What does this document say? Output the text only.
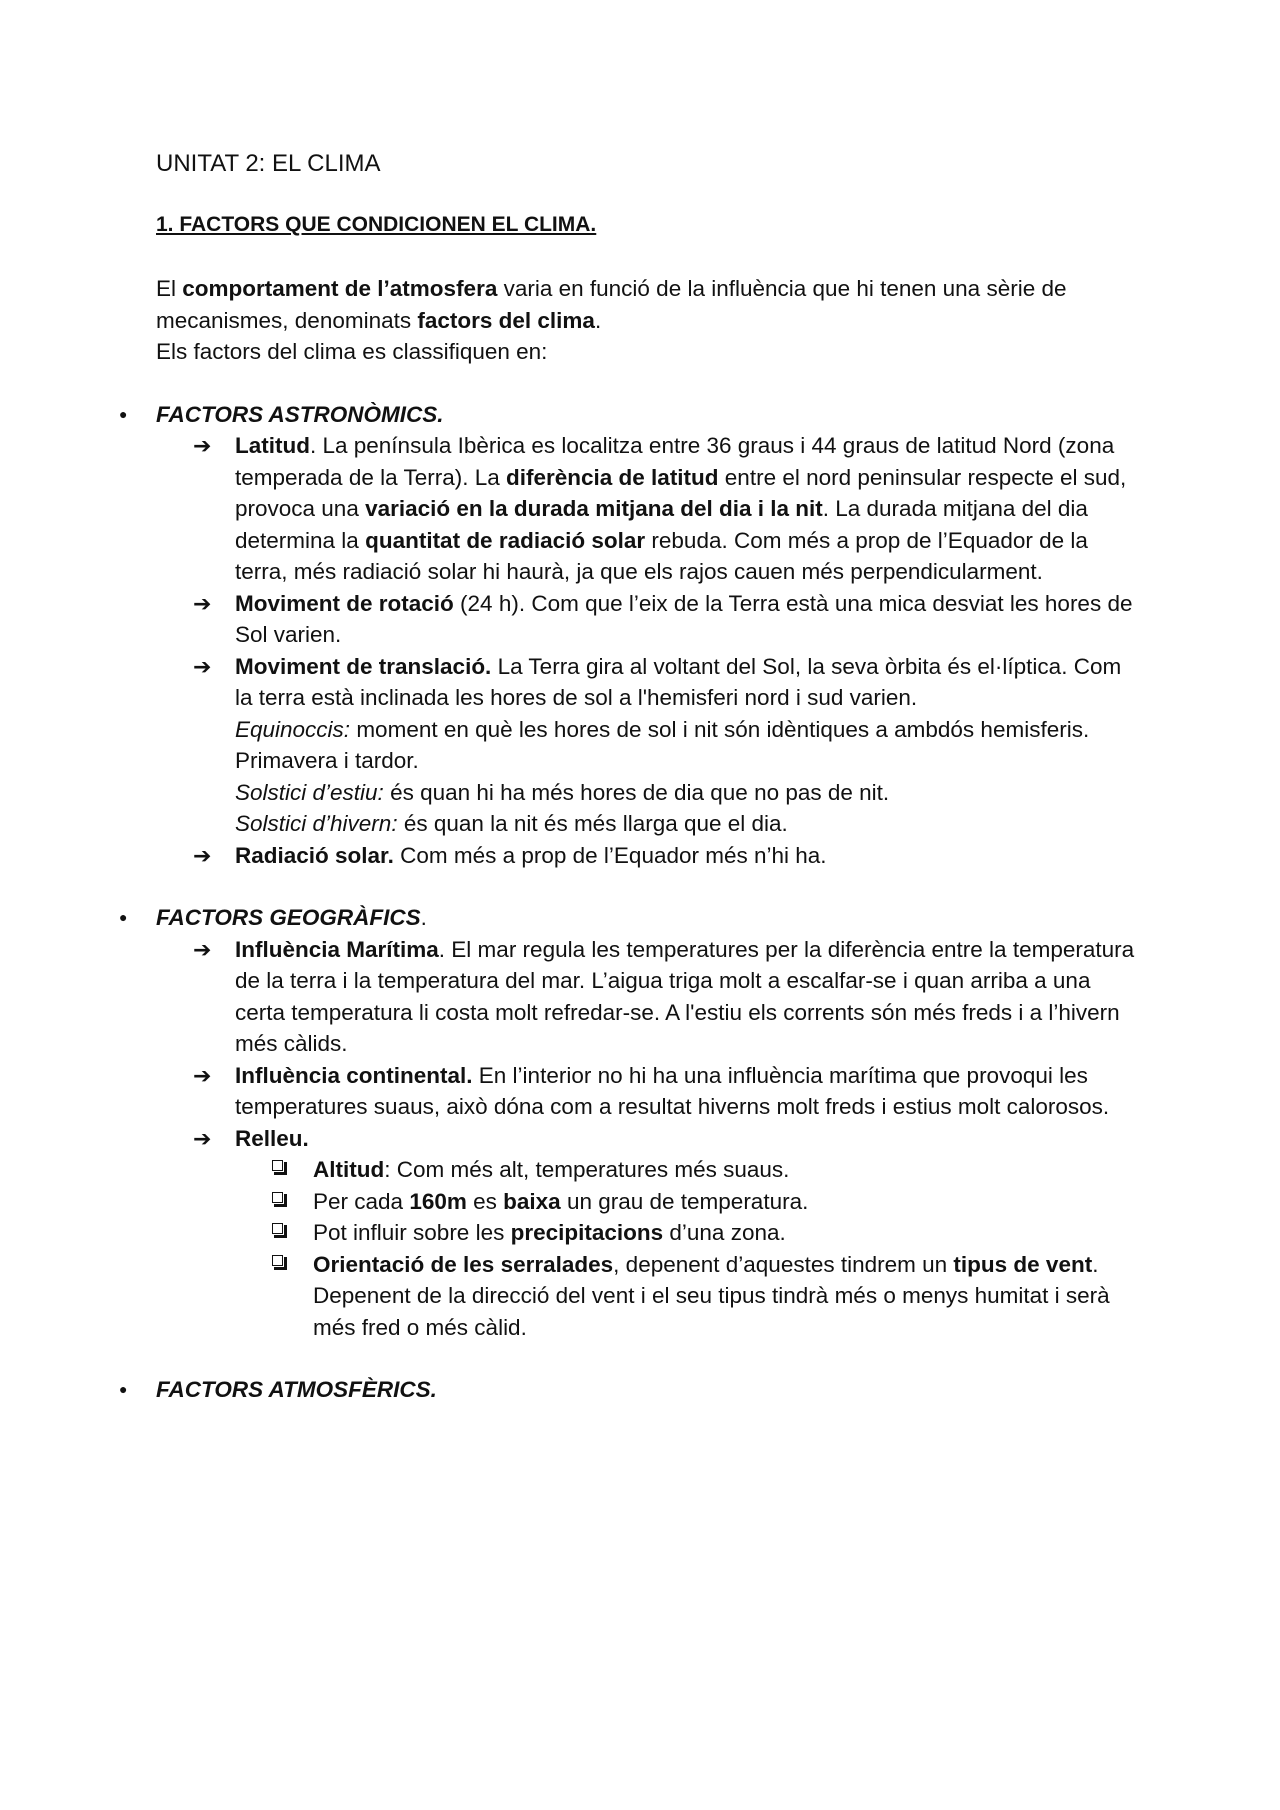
UNITAT 2: EL CLIMA

1. FACTORS QUE CONDICIONEN EL CLIMA.

El comportament de l’atmosfera varia en funció de la influència que hi tenen una sèrie de mecanismes, denominats factors del clima.

Els factors del clima es classifiquen en:

● FACTORS ASTRONÒMICS.
➔ Latitud. La península Ibèrica es localitza entre 36 graus i 44 graus de latitud Nord (zona temperada de la Terra). La diferència de latitud entre el nord peninsular respecte el sud, provoca una variació en la durada mitjana del dia i la nit. La durada mitjana del dia determina la quantitat de radiació solar rebuda. Com més a prop de l’Equador de la terra, més radiació solar hi haurà, ja que els rajos cauen més perpendicularment.
➔ Moviment de rotació (24 h). Com que l’eix de la Terra està una mica desviat les hores de Sol varien.
➔ Moviment de translació. La Terra gira al voltant del Sol, la seva òrbita és el·líptica. Com la terra està inclinada les hores de sol a l'hemisferi nord i sud varien.
Equinoccis: moment en què les hores de sol i nit són idèntiques a ambdós hemisferis. Primavera i tardor.
Solstici d’estiu: és quan hi ha més hores de dia que no pas de nit.
Solstici d’hivern: és quan la nit és més llarga que el dia.
➔ Radiació solar. Com més a prop de l’Equador més n’hi ha.
● FACTORS GEOGRÀFICS.
➔ Influència Marítima. El mar regula les temperatures per la diferència entre la temperatura de la terra i la temperatura del mar. L’aigua triga molt a escalfar-se i quan arriba a una certa temperatura li costa molt refredar-se. A l'estiu els corrents són més freds i a l’hivern més càlids.
➔ Influència continental. En l’interior no hi ha una influència marítima que provoqui les temperatures suaus, això dóna com a resultat hiverns molt freds i estius molt calorosos.
➔ Relleu.
Altitud: Com més alt, temperatures més suaus.
Per cada 160m es baixa un grau de temperatura.
Pot influir sobre les precipitacions d’una zona.
Orientació de les serralades, depenent d’aquestes tindrem un tipus de vent. Depenent de la direcció del vent i el seu tipus tindrà més o menys humitat i serà més fred o més càlid.
● FACTORS ATMOSFÈRICS.
